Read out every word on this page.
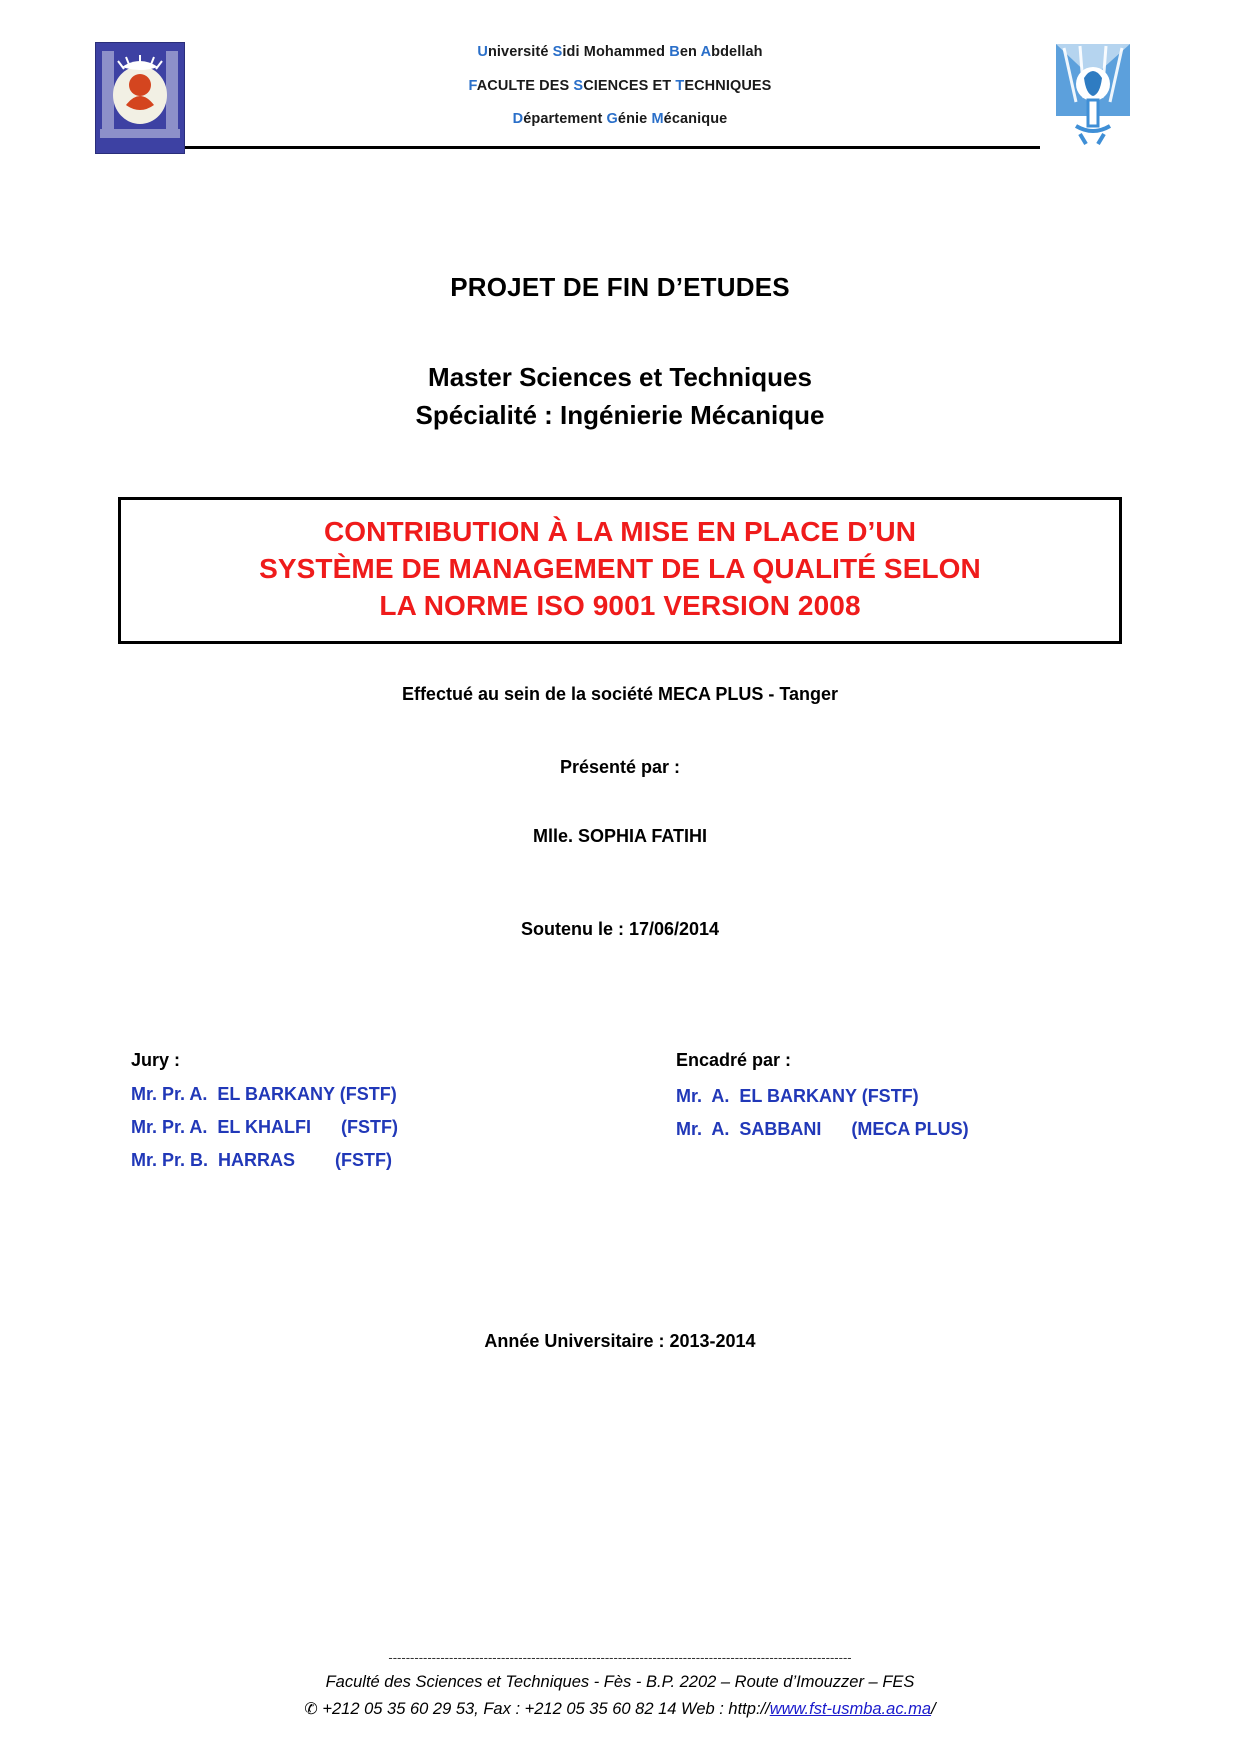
Université Sidi Mohammed Ben Abdellah
FACULTE DES SCIENCES ET TECHNIQUES
Département Génie Mécanique
PROJET DE FIN D’ETUDES
Master Sciences et Techniques
Spécialité : Ingénierie Mécanique
CONTRIBUTION À LA MISE EN PLACE D’UN
SYSTÈME DE MANAGEMENT DE LA QUALITÉ SELON
LA NORME ISO 9001 VERSION 2008
Effectué au sein de la société MECA PLUS - Tanger
Présenté par :
Mlle. SOPHIA FATIHI
Soutenu le : 17/06/2014
Jury :
Mr. Pr. A.  EL BARKANY (FSTF)
Mr. Pr. A.  EL KHALFI      (FSTF)
Mr. Pr. B.  HARRAS        (FSTF)
Encadré par :
Mr.  A.  EL BARKANY (FSTF)
Mr.  A.  SABBANI      (MECA PLUS)
Année Universitaire : 2013-2014
-----------------------------------------------------------------------------------------------------------
Faculté des Sciences et Techniques - Fès - B.P. 2202 – Route d’Imouzzer – FES
✆ +212 05 35 60 29 53, Fax : +212 05 35 60 82 14 Web : http://www.fst-usmba.ac.ma/
